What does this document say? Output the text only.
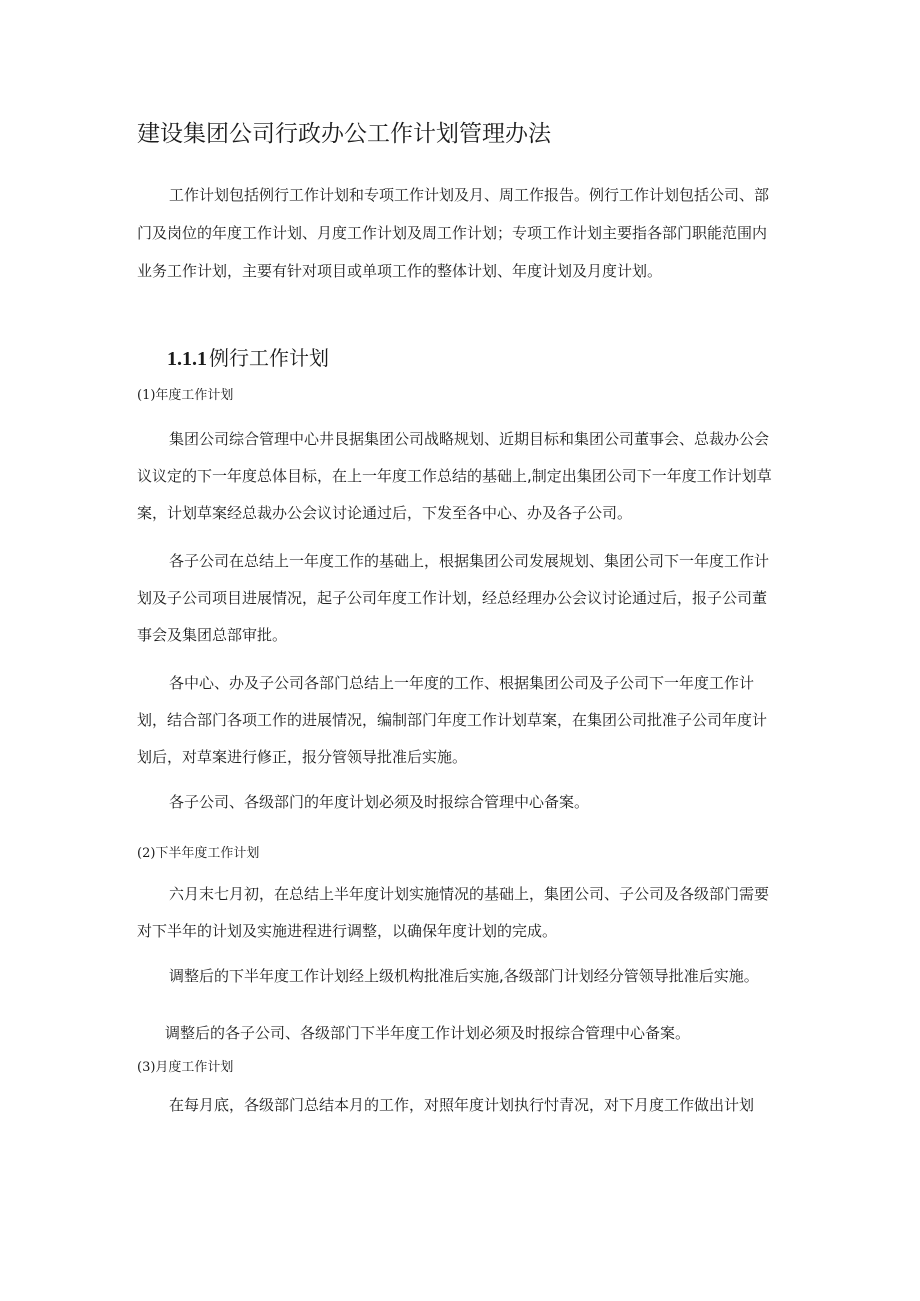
建设集团公司行政办公工作计划管理办法

工作计划包括例行工作计划和专项工作计划及月、周工作报告。例行工作计划包括公司、部门及岗位的年度工作计划、月度工作计划及周工作计划；专项工作计划主要指各部门职能范围内业务工作计划，主要有针对项目或单项工作的整体计划、年度计划及月度计划。

1.1.1 例行工作计划
(1)年度工作计划

集团公司综合管理中心井艮据集团公司战略规划、近期目标和集团公司董事会、总裁办公会议议定的下一年度总体目标，在上一年度工作总结的基础上,制定出集团公司下一年度工作计划草案，计划草案经总裁办公会议讨论通过后，下发至各中心、办及各子公司。

各子公司在总结上一年度工作的基础上，根据集团公司发展规划、集团公司下一年度工作计划及子公司项目进展情况，起子公司年度工作计划，经总经理办公会议讨论通过后，报子公司董事会及集团总部审批。

各中心、办及子公司各部门总结上一年度的工作、根据集团公司及子公司下一年度工作计划，结合部门各项工作的进展情况，编制部门年度工作计划草案，在集团公司批准子公司年度计划后，对草案进行修正，报分管领导批准后实施。

各子公司、各级部门的年度计划必须及时报综合管理中心备案。

(2)下半年度工作计划

六月末七月初，在总结上半年度计划实施情况的基础上，集团公司、子公司及各级部门需要对下半年的计划及实施进程进行调整，以确保年度计划的完成。

调整后的下半年度工作计划经上级机构批准后实施,各级部门计划经分管领导批准后实施。

调整后的各子公司、各级部门下半年度工作计划必须及时报综合管理中心备案。

(3)月度工作计划

在每月底，各级部门总结本月的工作，对照年度计划执行忖青况，对下月度工作做出计划
